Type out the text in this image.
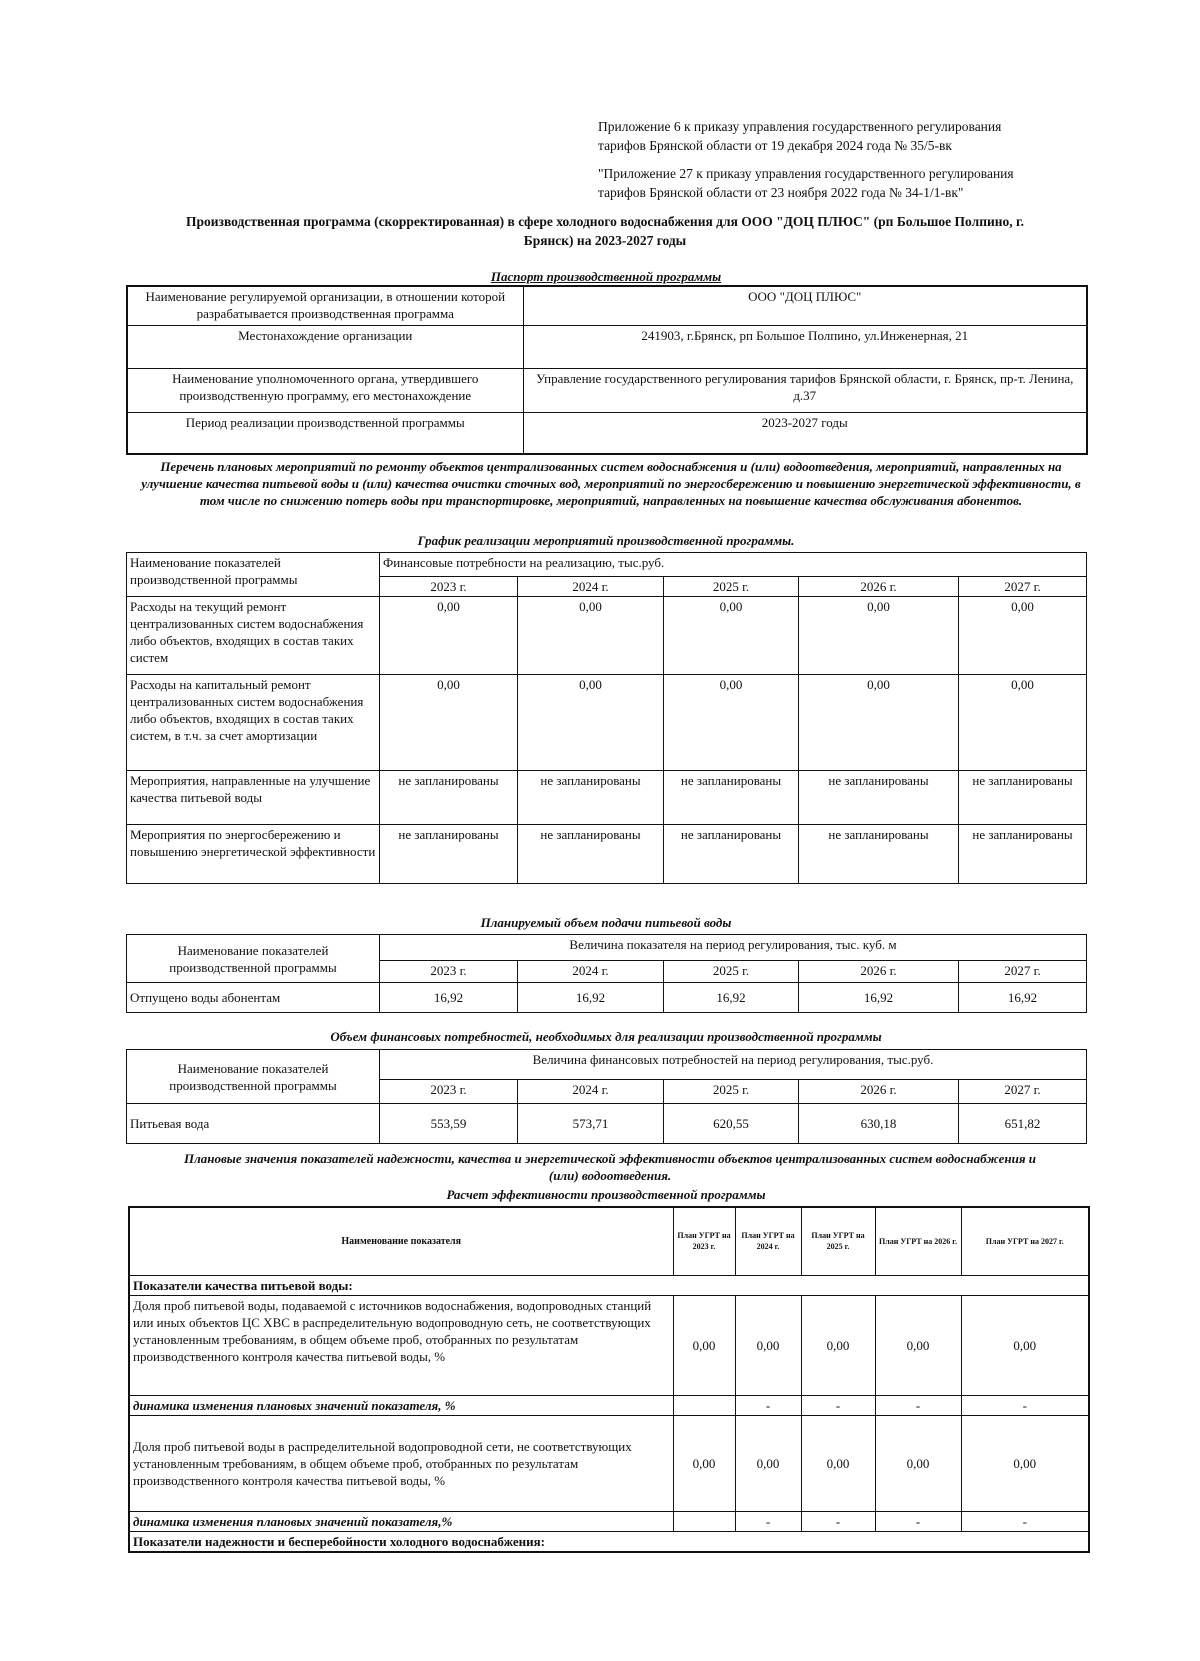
Приложение 6 к приказу управления государственного регулирования
тарифов Брянской области от 19 декабря 2024 года № 35/5-вк
"Приложение 27 к приказу управления государственного регулирования
тарифов Брянской области от 23 ноября 2022 года № 34-1/1-вк"
Производственная программа (скорректированная) в сфере холодного водоснабжения для ООО "ДОЦ ПЛЮС" (рп Большое Полпино, г.
Брянск) на 2023-2027 годы
Паспорт производственной программы
Наименование регулируемой организации, в отношении которой разрабатывается производственная программа	ООО "ДОЦ ПЛЮС"
Местонахождение организации	241903, г.Брянск, рп Большое Полпино, ул.Инженерная, 21
Наименование уполномоченного органа, утвердившего производственную программу, его местонахождение	Управление государственного регулирования тарифов Брянской области, г. Брянск, пр-т. Ленина, д.37
Период реализации производственной программы	2023-2027 годы
Перечень плановых мероприятий по ремонту объектов централизованных систем водоснабжения и (или) водоотведения, мероприятий, направленных на улучшение качества питьевой воды и (или) качества очистки сточных вод, мероприятий по энергосбережению и повышению энергетической эффективности, в том числе по снижению потерь воды при транспортировке, мероприятий, направленных на повышение качества обслуживания абонентов.
График реализации мероприятий производственной программы.
Наименование показателей производственной программы	Финансовые потребности на реализацию, тыс.руб.				
	2023 г.	2024 г.	2025 г.	2026 г.	2027 г.
Расходы на текущий ремонт централизованных систем водоснабжения либо объектов, входящих в состав таких систем	0,00	0,00	0,00	0,00	0,00
Расходы на капитальный ремонт централизованных систем водоснабжения либо объектов, входящих в состав таких систем, в т.ч. за счет амортизации	0,00	0,00	0,00	0,00	0,00
Мероприятия, направленные на улучшение качества питьевой воды	не запланированы	не запланированы	не запланированы	не запланированы	не запланированы
Мероприятия по энергосбережению и повышению энергетической эффективности	не запланированы	не запланированы	не запланированы	не запланированы	не запланированы
Планируемый объем подачи питьевой воды
Наименование показателей производственной программы	Величина показателя на период регулирования, тыс. куб. м				
	2023 г.	2024 г.	2025 г.	2026 г.	2027 г.
Отпущено воды абонентам	16,92	16,92	16,92	16,92	16,92
Объем финансовых потребностей, необходимых для реализации производственной программы
Наименование показателей производственной программы	Величина финансовых потребностей на период регулирования, тыс.руб.				
	2023 г.	2024 г.	2025 г.	2026 г.	2027 г.
Питьевая вода	553,59	573,71	620,55	630,18	651,82
Плановые значения показателей надежности, качества и энергетической эффективности объектов централизованных систем водоснабжения и (или) водоотведения.
Расчет эффективности производственной программы
Наименование показателя	План УГРТ на 2023 г.	План УГРТ на 2024 г.	План УГРТ на 2025 г.	План УГРТ на 2026 г.	План УГРТ на 2027 г.
Показатели качества питьевой воды:					
Доля проб питьевой воды, подаваемой с источников водоснабжения, водопроводных станций или иных объектов ЦС ХВС в распределительную водопроводную сеть, не соответствующих установленным требованиям, в общем объеме проб, отобранных по результатам производственного контроля качества питьевой воды, %	0,00	0,00	0,00	0,00	0,00
динамика изменения плановых значений показателя, %		-	-	-	-
Доля проб питьевой воды в распределительной водопроводной сети, не соответствующих установленным требованиям, в общем объеме проб, отобранных по результатам производственного контроля качества питьевой воды, %	0,00	0,00	0,00	0,00	0,00
динамика изменения плановых значений показателя,%		-	-	-	-
Показатели надежности и бесперебойности холодного водоснабжения:					
